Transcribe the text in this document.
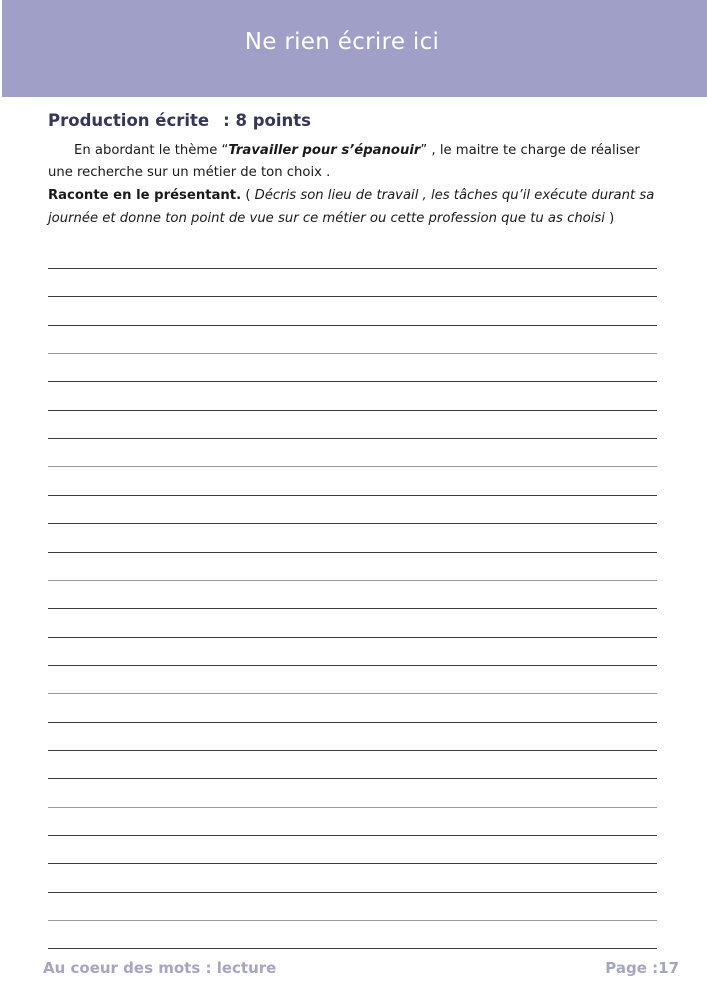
Ne rien écrire ici
Production écrite : 8 points
En abordant le thème “Travailler pour s’épanouir” , le maitre te charge de réaliser
une recherche sur un métier de ton choix .
Raconte en le présentant. ( Décris son lieu de travail , les tâches qu’il exécute durant sa journée et donne ton point de vue sur ce métier ou cette profession que tu as choisi )
Au coeur des mots : lecture	Page :17
